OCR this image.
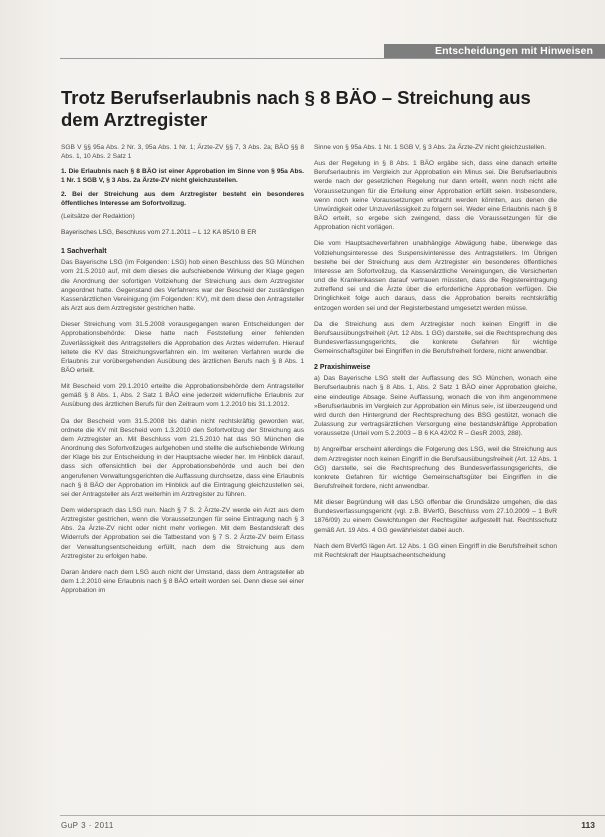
Entscheidungen mit Hinweisen
Trotz Berufserlaubnis nach § 8 BÄO – Streichung aus dem Arztregister

SGB V §§ 95a Abs. 2 Nr. 3, 95a Abs. 1 Nr. 1; Ärzte-ZV §§ 7, 3 Abs. 2a; BÄO §§ 8 Abs. 1, 10 Abs. 2 Satz 1

1. Die Erlaubnis nach § 8 BÄO ist einer Approbation im Sinne von § 95a Abs. 1 Nr. 1 SGB V, § 3 Abs. 2a Ärzte-ZV nicht gleichzustellen.

2. Bei der Streichung aus dem Arztregister besteht ein besonderes öffentliches Interesse am Sofortvollzug.

(Leitsätze der Redaktion)

Bayerisches LSG, Beschluss vom 27.1.2011 – L 12 KA 85/10 B ER

1 Sachverhalt

Das Bayerische LSG (im Folgenden: LSG) hob einen Beschluss des SG München vom 21.5.2010 auf, mit dem dieses die aufschiebende Wirkung der Klage gegen die Anordnung der sofortigen Vollziehung der Streichung aus dem Arztregister angeordnet hatte. Gegenstand des Verfahrens war der Bescheid der zuständigen Kassenärztlichen Vereinigung (im Folgenden: KV), mit dem diese den Antragsteller als Arzt aus dem Arztregister gestrichen hatte.

Dieser Streichung vom 31.5.2008 vorausgegangen waren Entscheidungen der Approbationsbehörde: Diese hatte nach Feststellung einer fehlenden Zuverlässigkeit des Antragstellers die Approbation des Arztes widerrufen. Hierauf leitete die KV das Streichungsverfahren ein. Im weiteren Verfahren wurde die Erlaubnis zur vorübergehenden Ausübung des ärztlichen Berufs nach § 8 Abs. 1 BÄO erteilt.

Mit Bescheid vom 29.1.2010 erteilte die Approbationsbehörde dem Antragsteller gemäß § 8 Abs. 1, Abs. 2 Satz 1 BÄO eine jederzeit widerrufliche Erlaubnis zur Ausübung des ärztlichen Berufs für den Zeitraum vom 1.2.2010 bis 31.1.2012.

Da der Bescheid vom 31.5.2008 bis dahin nicht rechtskräftig geworden war, ordnete die KV mit Bescheid vom 1.3.2010 den Sofortvollzug der Streichung aus dem Arztregister an. Mit Beschluss vom 21.5.2010 hat das SG München die Anordnung des Sofortvollzuges aufgehoben und stellte die aufschiebende Wirkung der Klage bis zur Entscheidung in der Hauptsache wieder her. Im Hinblick darauf, dass sich offensichtlich bei der Approbationsbehörde und auch bei den angerufenen Verwaltungsgerichten die Auffassung durchsetze, dass eine Erlaubnis nach § 8 BÄO der Approbation im Hinblick auf die Eintragung gleichzustellen sei, sei der Antragsteller als Arzt weiterhin im Arztregister zu führen.

Dem widersprach das LSG nun. Nach § 7 S. 2 Ärzte-ZV werde ein Arzt aus dem Arztregister gestrichen, wenn die Voraussetzungen für seine Eintragung nach § 3 Abs. 2a Ärzte-ZV nicht oder nicht mehr vorliegen. Mit dem Bestandskraft des Widerrufs der Approbation sei die Tatbestand von § 7 S. 2 Ärzte-ZV beim Erlass der Verwaltungsentscheidung erfüllt, nach dem die Streichung aus dem Arztregister zu erfolgen habe.

Daran ändere nach dem LSG auch nicht der Umstand, dass dem Antragsteller ab dem 1.2.2010 eine Erlaubnis nach § 8 BÄO erteilt worden sei. Denn diese sei einer Approbation im

Sinne von § 95a Abs. 1 Nr. 1 SGB V, § 3 Abs. 2a Ärzte-ZV nicht gleichzustellen.

Aus der Regelung in § 8 Abs. 1 BÄO ergäbe sich, dass eine danach erteilte Berufserlaubnis im Vergleich zur Approbation ein Minus sei. Die Berufserlaubnis werde nach der gesetzlichen Regelung nur dann erteilt, wenn noch nicht alle Voraussetzungen für die Erteilung einer Approbation erfüllt seien. Insbesondere, wenn noch keine Voraussetzungen erbracht werden könnten, aus denen die Unwürdigkeit oder Unzuverlässigkeit zu folgern sei. Weder eine Erlaubnis nach § 8 BÄO erteilt, so ergebe sich zwingend, dass die Voraussetzungen für die Approbation nicht vorlägen.

Die vom Hauptsacheverfahren unabhängige Abwägung habe, überwiege das Vollziehungsinteresse des Suspensivinteresse des Antragstellers. Im Übrigen bestehe bei der Streichung aus dem Arztregister ein besonderes öffentliches Interesse am Sofortvollzug, da Kassenärztliche Vereinigungen, die Versicherten und die Krankenkassen darauf vertrauen müssten, dass die Registereintragung zutreffend sei und die Ärzte über die erforderliche Approbation verfügen. Die Dringlichkeit folge auch daraus, dass die Approbation bereits rechtskräftig entzogen worden sei und der Registerbestand umgesetzt werden müsse.

Da die Streichung aus dem Arztregister noch keinen Eingriff in die Berufsausübungsfreiheit (Art. 12 Abs. 1 GG) darstelle, sei die Rechtsprechung des Bundesverfassungsgerichts, die konkrete Gefahren für wichtige Gemeinschaftsgüter bei Eingriffen in die Berufsfreiheit fordere, nicht anwendbar.

2 Praxishinweise

a) Das Bayerische LSG stellt der Auffassung des SG München, wonach eine Berufserlaubnis nach § 8 Abs. 1, Abs. 2 Satz 1 BÄO einer Approbation gleiche, eine eindeutige Absage. Seine Auffassung, wonach die von ihm angenommene »Berufserlaubnis im Vergleich zur Approbation ein Minus sei«, ist überzeugend und wird durch den Hintergrund der Rechtsprechung des BSG gestützt, wonach die Zulassung zur vertragsärztlichen Versorgung eine bestandskräftige Approbation voraussetze (Urteil vom 5.2.2003 – B 6 KA 42/02 R – GesR 2003, 288).

b) Angreifbar erscheint allerdings die Folgerung des LSG, weil die Streichung aus dem Arztregister noch keinen Eingriff in die Berufsausübungsfreiheit (Art. 12 Abs. 1 GG) darstelle, sei die Rechtsprechung des Bundesverfassungsgerichts, die konkrete Gefahren für wichtige Gemeinschaftsgüter bei Eingriffen in die Berufsfreiheit fordere, nicht anwendbar.

Mit dieser Begründung will das LSG offenbar die Grundsätze umgehen, die das Bundesverfassungsgericht (vgl. z.B. BVerfG, Beschluss vom 27.10.2009 – 1 BvR 1876/09) zu einem Gewichtungen der Rechtsgüter aufgestellt hat. Rechtsschutz gemäß Art. 19 Abs. 4 GG gewährleistet dabei auch.

Nach dem BVerfG lägen Art. 12 Abs. 1 GG einen Eingriff in die Berufsfreiheit schon mit Rechtskraft der Hauptsacheentscheidung

GuP 3 · 2011	113
